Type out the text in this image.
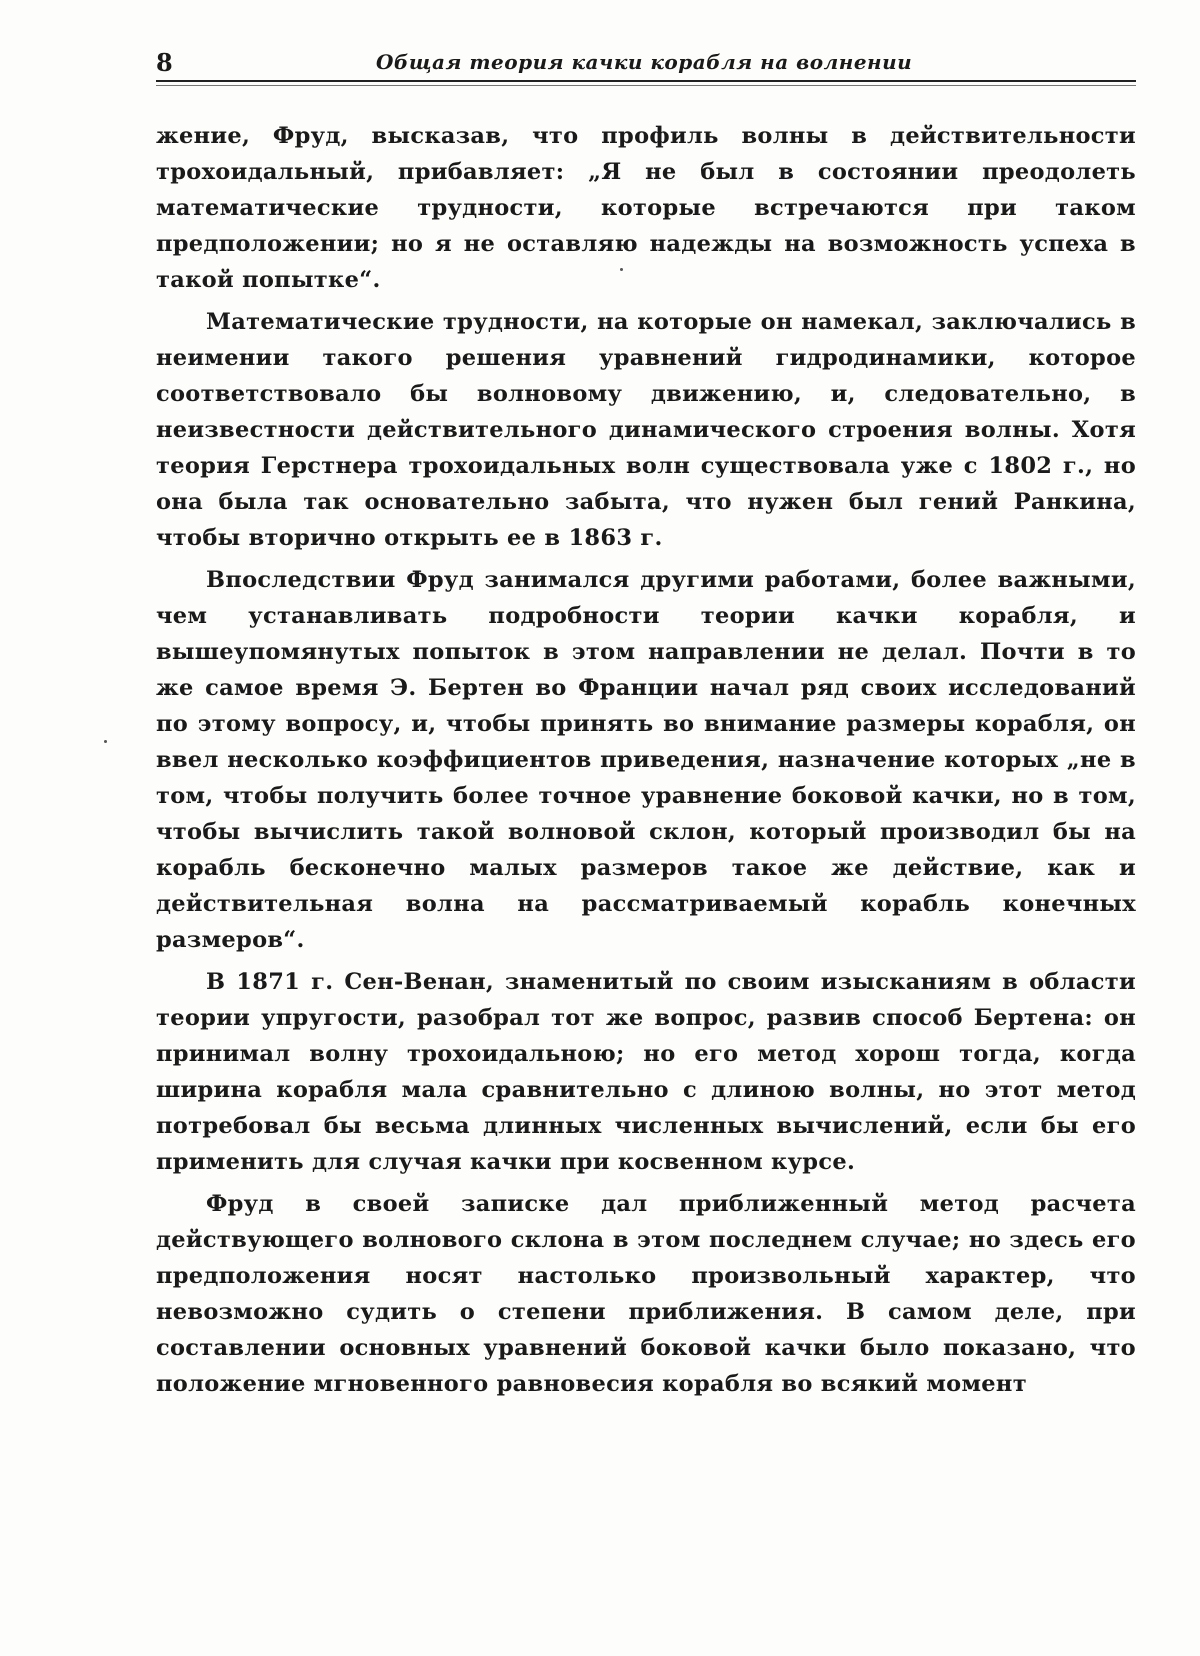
8	Общая теория качки корабля на волнении

жение, Фруд, высказав, что профиль волны в действительности трохоидальный, прибавляет: „Я не был в состоянии преодолеть математические трудности, которые встречаются при таком предположении; но я не оставляю надежды на возможность успеха в такой попытке“.

Математические трудности, на которые он намекал, заключались в неимении такого решения уравнений гидродинамики, которое соответствовало бы волновому движению, и, следовательно, в неизвестности действительного динамического строения волны. Хотя теория Герстнера трохоидальных волн существовала уже с 1802 г., но она была так основательно забыта, что нужен был гений Ранкина, чтобы вторично открыть ее в 1863 г.

Впоследствии Фруд занимался другими работами, более важными, чем устанавливать подробности теории качки корабля, и вышеупомянутых попыток в этом направлении не делал. Почти в то же самое время Э. Бертен во Франции начал ряд своих исследований по этому вопросу, и, чтобы принять во внимание размеры корабля, он ввел несколько коэффициентов приведения, назначение которых „не в том, чтобы получить более точное уравнение боковой качки, но в том, чтобы вычислить такой волновой склон, который производил бы на корабль бесконечно малых размеров такое же действие, как и действительная волна на рассматриваемый корабль конечных размеров“.

В 1871 г. Сен-Венан, знаменитый по своим изысканиям в области теории упругости, разобрал тот же вопрос, развив способ Бертена: он принимал волну трохоидальною; но его метод хорош тогда, когда ширина корабля мала сравнительно с длиною волны, но этот метод потребовал бы весьма длинных численных вычислений, если бы его применить для случая качки при косвенном курсе.

Фруд в своей записке дал приближенный метод расчета действующего волнового склона в этом последнем случае; но здесь его предположения носят настолько произвольный характер, что невозможно судить о степени приближения. В самом деле, при составлении основных уравнений боковой качки было показано, что положение мгновенного равновесия корабля во всякий момент
